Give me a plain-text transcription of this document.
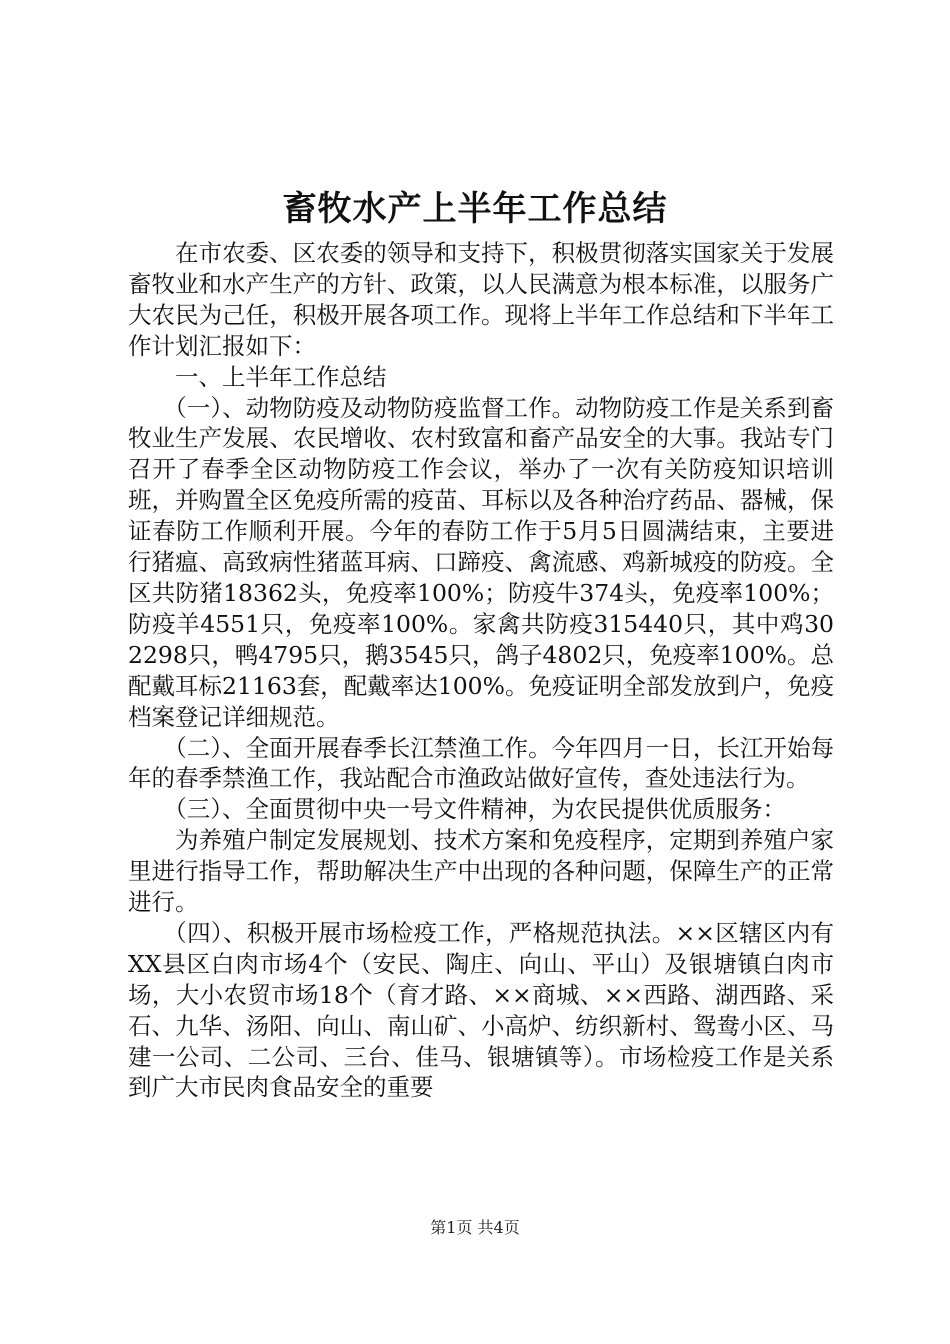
畜牧水产上半年工作总结

在市农委、区农委的领导和支持下，积极贯彻落实国家关于发展畜牧业和水产生产的方针、政策，以人民满意为根本标准，以服务广大农民为己任，积极开展各项工作。现将上半年工作总结和下半年工作计划汇报如下：

一、上半年工作总结

（一）、动物防疫及动物防疫监督工作。动物防疫工作是关系到畜牧业生产发展、农民增收、农村致富和畜产品安全的大事。我站专门召开了春季全区动物防疫工作会议，举办了一次有关防疫知识培训班，并购置全区免疫所需的疫苗、耳标以及各种治疗药品、器械，保证春防工作顺利开展。今年的春防工作于5月5日圆满结束，主要进行猪瘟、高致病性猪蓝耳病、口蹄疫、禽流感、鸡新城疫的防疫。全区共防猪18362头，免疫率100%；防疫牛374头，免疫率100%；防疫羊4551只，免疫率100%。家禽共防疫315440只，其中鸡302298只，鸭4795只，鹅3545只，鸽子4802只，免疫率100%。总配戴耳标21163套，配戴率达100%。免疫证明全部发放到户，免疫档案登记详细规范。

（二）、全面开展春季长江禁渔工作。今年四月一日，长江开始每年的春季禁渔工作，我站配合市渔政站做好宣传，查处违法行为。

（三）、全面贯彻中央一号文件精神，为农民提供优质服务：

为养殖户制定发展规划、技术方案和免疫程序，定期到养殖户家里进行指导工作，帮助解决生产中出现的各种问题，保障生产的正常进行。

（四）、积极开展市场检疫工作，严格规范执法。××区辖区内有XX县区白肉市场4个（安民、陶庄、向山、平山）及银塘镇白肉市场，大小农贸市场18个（育才路、××商城、××西路、湖西路、采石、九华、汤阳、向山、南山矿、小高炉、纺织新村、鸳鸯小区、马建一公司、二公司、三台、佳马、银塘镇等）。市场检疫工作是关系到广大市民肉食品安全的重要

第1页 共4页
